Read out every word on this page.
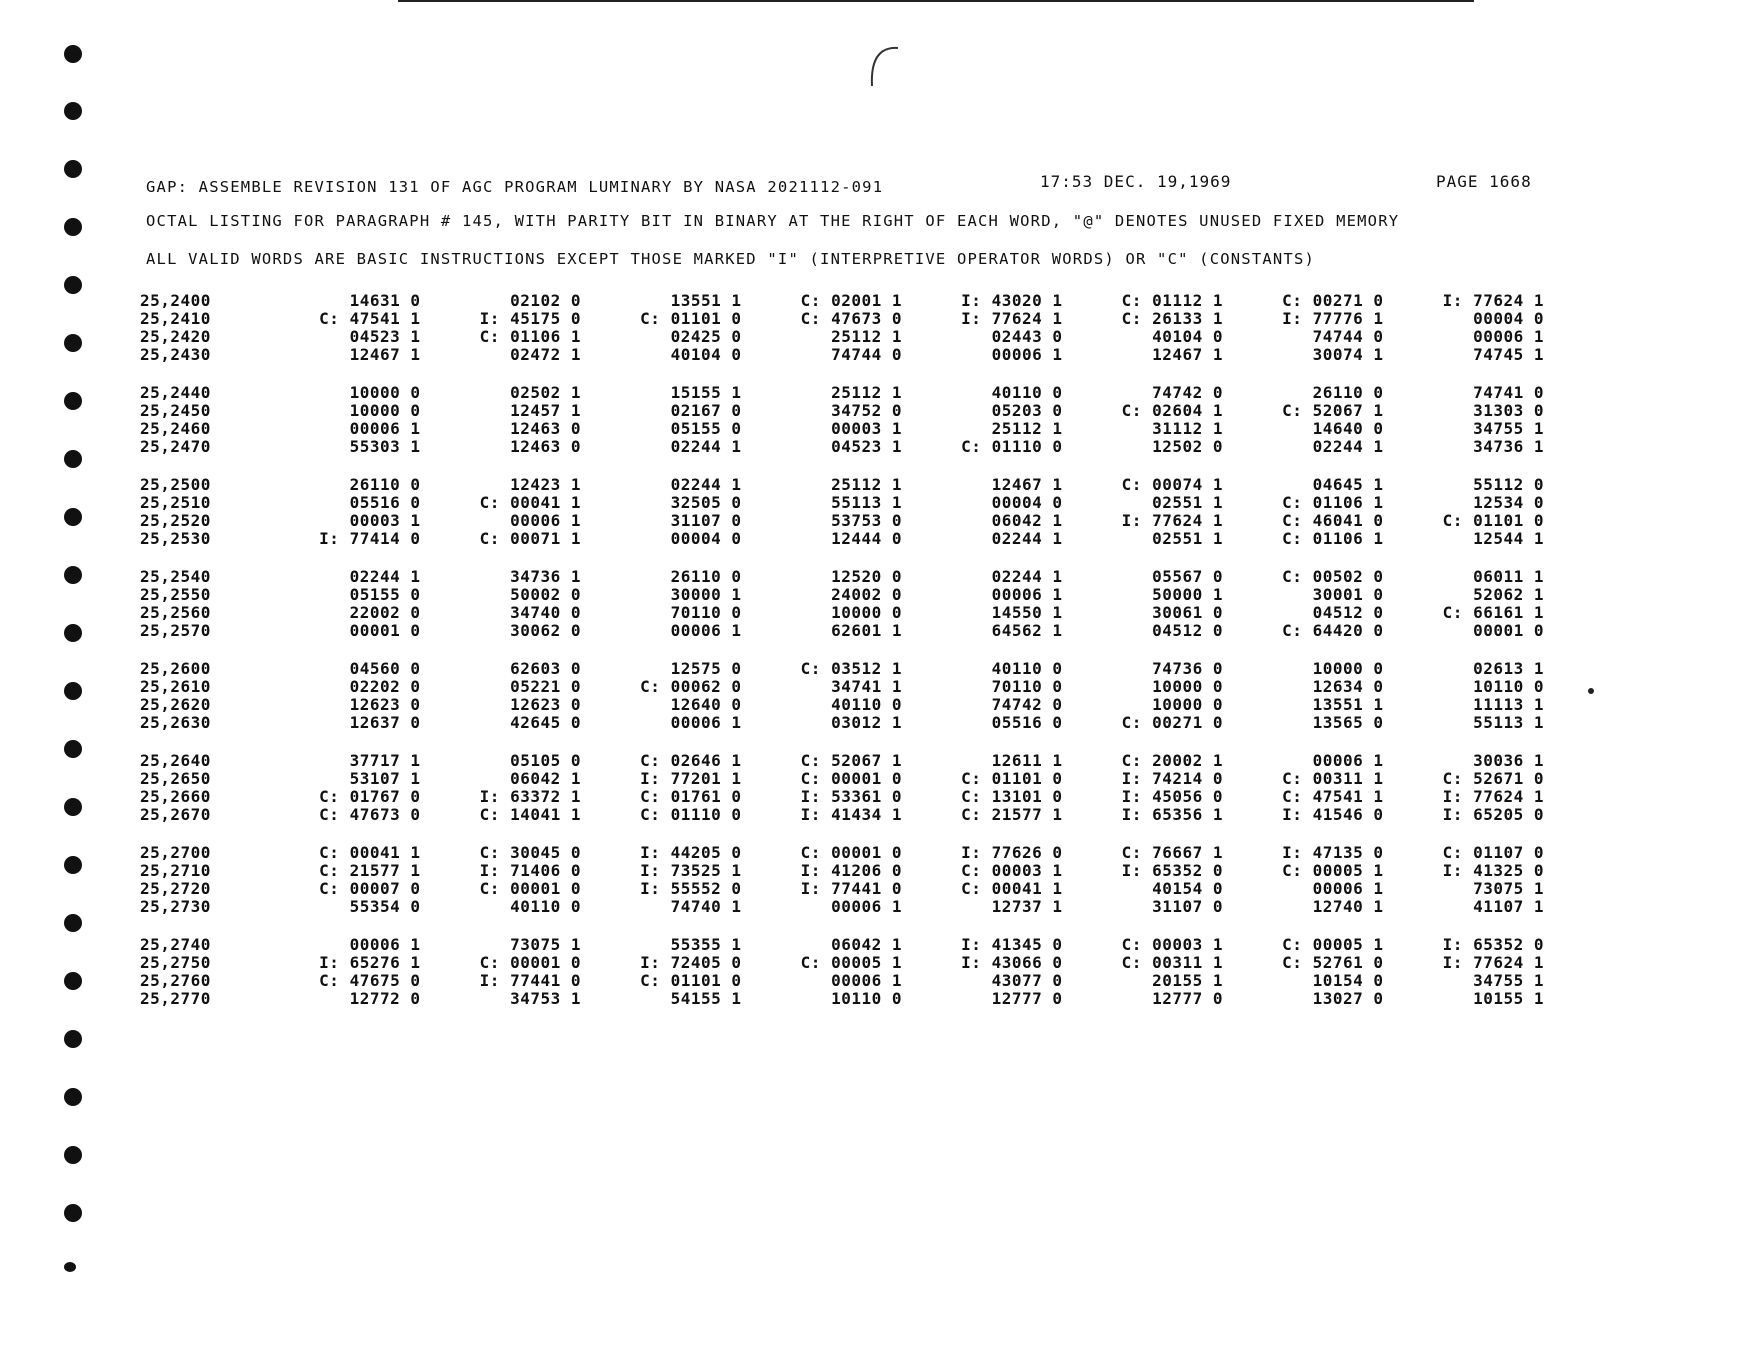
GAP: ASSEMBLE REVISION 131 OF AGC PROGRAM LUMINARY BY NASA 2021112-091	17:53 DEC. 19,1969	PAGE 1668
OCTAL LISTING FOR PARAGRAPH # 145, WITH PARITY BIT IN BINARY AT THE RIGHT OF EACH WORD, "@" DENOTES UNUSED FIXED MEMORY
ALL VALID WORDS ARE BASIC INSTRUCTIONS EXCEPT THOSE MARKED "I" (INTERPRETIVE OPERATOR WORDS) OR "C" (CONSTANTS)
25,2400	14631 0	02102 0	13551 1	C: 02001 1	I: 43020 1	C: 01112 1	C: 00271 0	I: 77624 1
25,2410	C: 47541 1	I: 45175 0	C: 01101 0	C: 47673 0	I: 77624 1	C: 26133 1	I: 77776 1	00004 0
25,2420	04523 1	C: 01106 1	02425 0	25112 1	02443 0	40104 0	74744 0	00006 1
25,2430	12467 1	02472 1	40104 0	74744 0	00006 1	12467 1	30074 1	74745 1
25,2440	10000 0	02502 1	15155 1	25112 1	40110 0	74742 0	26110 0	74741 0
25,2450	10000 0	12457 1	02167 0	34752 0	05203 0	C: 02604 1	C: 52067 1	31303 0
25,2460	00006 1	12463 0	05155 0	00003 1	25112 1	31112 1	14640 0	34755 1
25,2470	55303 1	12463 0	02244 1	04523 1	C: 01110 0	12502 0	02244 1	34736 1
25,2500	26110 0	12423 1	02244 1	25112 1	12467 1	C: 00074 1	04645 1	55112 0
25,2510	05516 0	C: 00041 1	32505 0	55113 1	00004 0	02551 1	C: 01106 1	12534 0
25,2520	00003 1	00006 1	31107 0	53753 0	06042 1	I: 77624 1	C: 46041 0	C: 01101 0
25,2530	I: 77414 0	C: 00071 1	00004 0	12444 0	02244 1	02551 1	C: 01106 1	12544 1
25,2540	02244 1	34736 1	26110 0	12520 0	02244 1	05567 0	C: 00502 0	06011 1
25,2550	05155 0	50002 0	30000 1	24002 0	00006 1	50000 1	30001 0	52062 1
25,2560	22002 0	34740 0	70110 0	10000 0	14550 1	30061 0	04512 0	C: 66161 1
25,2570	00001 0	30062 0	00006 1	62601 1	64562 1	04512 0	C: 64420 0	00001 0
25,2600	04560 0	62603 0	12575 0	C: 03512 1	40110 0	74736 0	10000 0	02613 1
25,2610	02202 0	05221 0	C: 00062 0	34741 1	70110 0	10000 0	12634 0	10110 0
25,2620	12623 0	12623 0	12640 0	40110 0	74742 0	10000 0	13551 1	11113 1
25,2630	12637 0	42645 0	00006 1	03012 1	05516 0	C: 00271 0	13565 0	55113 1
25,2640	37717 1	05105 0	C: 02646 1	C: 52067 1	12611 1	C: 20002 1	00006 1	30036 1
25,2650	53107 1	06042 1	I: 77201 1	C: 00001 0	C: 01101 0	I: 74214 0	C: 00311 1	C: 52671 0
25,2660	C: 01767 0	I: 63372 1	C: 01761 0	I: 53361 0	C: 13101 0	I: 45056 0	C: 47541 1	I: 77624 1
25,2670	C: 47673 0	C: 14041 1	C: 01110 0	I: 41434 1	C: 21577 1	I: 65356 1	I: 41546 0	I: 65205 0
25,2700	C: 00041 1	C: 30045 0	I: 44205 0	C: 00001 0	I: 77626 0	C: 76667 1	I: 47135 0	C: 01107 0
25,2710	C: 21577 1	I: 71406 0	I: 73525 1	I: 41206 0	C: 00003 1	I: 65352 0	C: 00005 1	I: 41325 0
25,2720	C: 00007 0	C: 00001 0	I: 55552 0	I: 77441 0	C: 00041 1	40154 0	00006 1	73075 1
25,2730	55354 0	40110 0	74740 1	00006 1	12737 1	31107 0	12740 1	41107 1
25,2740	00006 1	73075 1	55355 1	06042 1	I: 41345 0	C: 00003 1	C: 00005 1	I: 65352 0
25,2750	I: 65276 1	C: 00001 0	I: 72405 0	C: 00005 1	I: 43066 0	C: 00311 1	C: 52761 0	I: 77624 1
25,2760	C: 47675 0	I: 77441 0	C: 01101 0	00006 1	43077 0	20155 1	10154 0	34755 1
25,2770	12772 0	34753 1	54155 1	10110 0	12777 0	12777 0	13027 0	10155 1
